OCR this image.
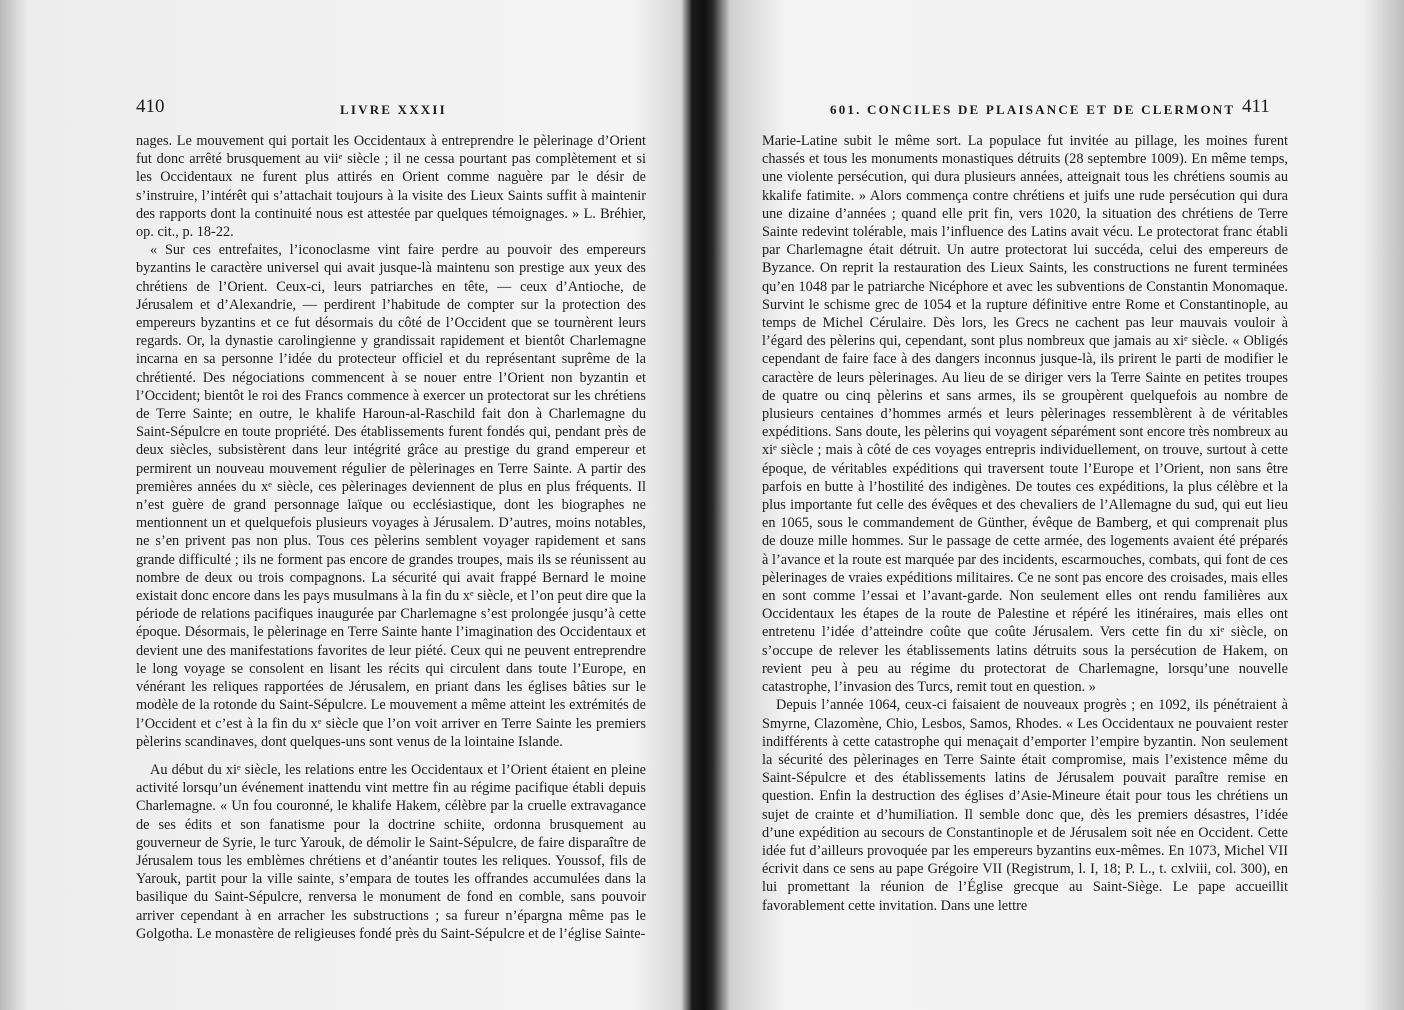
410	LIVRE XXXII

nages. Le mouvement qui portait les Occidentaux à entreprendre le pèlerinage d’Orient fut donc arrêté brusquement au viiᵉ siècle ; il ne cessa pourtant pas complètement et si les Occidentaux ne furent plus attirés en Orient comme naguère par le désir de s’instruire, l’intérêt qui s’attachait toujours à la visite des Lieux Saints suffit à maintenir des rapports dont la continuité nous est attestée par quelques témoignages. » L. Bréhier, op. cit., p. 18-22.

« Sur ces entrefaites, l’iconoclasme vint faire perdre au pouvoir des empereurs byzantins le caractère universel qui avait jusque-là maintenu son prestige aux yeux des chrétiens de l’Orient. Ceux-ci, leurs patriarches en tête, — ceux d’Antioche, de Jérusalem et d’Alexandrie, — perdirent l’habitude de compter sur la protection des empereurs byzantins et ce fut désormais du côté de l’Occident que se tournèrent leurs regards. Or, la dynastie carolingienne y grandissait rapidement et bientôt Charlemagne incarna en sa personne l’idée du protecteur officiel et du représentant suprême de la chrétienté. Des négociations commencent à se nouer entre l’Orient non byzantin et l’Occident; bientôt le roi des Francs commence à exercer un protectorat sur les chrétiens de Terre Sainte; en outre, le khalife Haroun-al-Raschild fait don à Charlemagne du Saint-Sépulcre en toute propriété. Des établissements furent fondés qui, pendant près de deux siècles, subsistèrent dans leur intégrité grâce au prestige du grand empereur et permirent un nouveau mouvement régulier de pèlerinages en Terre Sainte. A partir des premières années du xᵉ siècle, ces pèlerinages deviennent de plus en plus fréquents. Il n’est guère de grand personnage laïque ou ecclésiastique, dont les biographes ne mentionnent un et quelquefois plusieurs voyages à Jérusalem. D’autres, moins notables, ne s’en privent pas non plus. Tous ces pèlerins semblent voyager rapidement et sans grande difficulté ; ils ne forment pas encore de grandes troupes, mais ils se réunissent au nombre de deux ou trois compagnons. La sécurité qui avait frappé Bernard le moine existait donc encore dans les pays musulmans à la fin du xᵉ siècle, et l’on peut dire que la période de relations pacifiques inaugurée par Charlemagne s’est prolongée jusqu’à cette époque. Désormais, le pèlerinage en Terre Sainte hante l’imagination des Occidentaux et devient une des manifestations favorites de leur piété. Ceux qui ne peuvent entreprendre le long voyage se consolent en lisant les récits qui circulent dans toute l’Europe, en vénérant les reliques rapportées de Jérusalem, en priant dans les églises bâties sur le modèle de la rotonde du Saint-Sépulcre. Le mouvement a même atteint les extrémités de l’Occident et c’est à la fin du xᵉ siècle que l’on voit arriver en Terre Sainte les premiers pèlerins scandinaves, dont quelques-uns sont venus de la lointaine Islande.

Au début du xiᵉ siècle, les relations entre les Occidentaux et l’Orient étaient en pleine activité lorsqu’un événement inattendu vint mettre fin au régime pacifique établi depuis Charlemagne. « Un fou couronné, le khalife Hakem, célèbre par la cruelle extravagance de ses édits et son fanatisme pour la doctrine schiite, ordonna brusquement au gouverneur de Syrie, le turc Yarouk, de démolir le Saint-Sépulcre, de faire disparaître de Jérusalem tous les emblèmes chrétiens et d’anéantir toutes les reliques. Youssof, fils de Yarouk, partit pour la ville sainte, s’empara de toutes les offrandes accumulées dans la basilique du Saint-Sépulcre, renversa le monument de fond en comble, sans pouvoir arriver cependant à en arracher les substructions ; sa fureur n’épargna même pas le Golgotha. Le monastère de religieuses fondé près du Saint-Sépulcre et de l’église Sainte-

601. CONCILES DE PLAISANCE ET DE CLERMONT 411

Marie-Latine subit le même sort. La populace fut invitée au pillage, les moines furent chassés et tous les monuments monastiques détruits (28 septembre 1009). En même temps, une violente persécution, qui dura plusieurs années, atteignait tous les chrétiens soumis au kkalife fatimite. » Alors commença contre chrétiens et juifs une rude persécution qui dura une dizaine d’années ; quand elle prit fin, vers 1020, la situation des chrétiens de Terre Sainte redevint tolérable, mais l’influence des Latins avait vécu. Le protectorat franc établi par Charlemagne était détruit. Un autre protectorat lui succéda, celui des empereurs de Byzance. On reprit la restauration des Lieux Saints, les constructions ne furent terminées qu’en 1048 par le patriarche Nicéphore et avec les subventions de Constantin Monomaque. Survint le schisme grec de 1054 et la rupture définitive entre Rome et Constantinople, au temps de Michel Cérulaire. Dès lors, les Grecs ne cachent pas leur mauvais vouloir à l’égard des pèlerins qui, cependant, sont plus nombreux que jamais au xiᵉ siècle. « Obligés cependant de faire face à des dangers inconnus jusque-là, ils prirent le parti de modifier le caractère de leurs pèlerinages. Au lieu de se diriger vers la Terre Sainte en petites troupes de quatre ou cinq pèlerins et sans armes, ils se groupèrent quelquefois au nombre de plusieurs centaines d’hommes armés et leurs pèlerinages ressemblèrent à de véritables expéditions. Sans doute, les pèlerins qui voyagent séparément sont encore très nombreux au xiᵉ siècle ; mais à côté de ces voyages entrepris individuellement, on trouve, surtout à cette époque, de véritables expéditions qui traversent toute l’Europe et l’Orient, non sans être parfois en butte à l’hostilité des indigènes. De toutes ces expéditions, la plus célèbre et la plus importante fut celle des évêques et des chevaliers de l’Allemagne du sud, qui eut lieu en 1065, sous le commandement de Günther, évêque de Bamberg, et qui comprenait plus de douze mille hommes. Sur le passage de cette armée, des logements avaient été préparés à l’avance et la route est marquée par des incidents, escarmouches, combats, qui font de ces pèlerinages de vraies expéditions militaires. Ce ne sont pas encore des croisades, mais elles en sont comme l’essai et l’avant-garde. Non seulement elles ont rendu familières aux Occidentaux les étapes de la route de Palestine et répéré les itinéraires, mais elles ont entretenu l’idée d’atteindre coûte que coûte Jérusalem. Vers cette fin du xiᵉ siècle, on s’occupe de relever les établissements latins détruits sous la persécution de Hakem, on revient peu à peu au régime du protectorat de Charlemagne, lorsqu’une nouvelle catastrophe, l’invasion des Turcs, remit tout en question. »

Depuis l’année 1064, ceux-ci faisaient de nouveaux progrès ; en 1092, ils pénétraient à Smyrne, Clazomène, Chio, Lesbos, Samos, Rhodes. « Les Occidentaux ne pouvaient rester indifférents à cette catastrophe qui menaçait d’emporter l’empire byzantin. Non seulement la sécurité des pèlerinages en Terre Sainte était compromise, mais l’existence même du Saint-Sépulcre et des établissements latins de Jérusalem pouvait paraître remise en question. Enfin la destruction des églises d’Asie-Mineure était pour tous les chrétiens un sujet de crainte et d’humiliation. Il semble donc que, dès les premiers désastres, l’idée d’une expédition au secours de Constantinople et de Jérusalem soit née en Occident. Cette idée fut d’ailleurs provoquée par les empereurs byzantins eux-mêmes. En 1073, Michel VII écrivit dans ce sens au pape Grégoire VII (Registrum, l. I, 18; P. L., t. cxlviii, col. 300), en lui promettant la réunion de l’Église grecque au Saint-Siège. Le pape accueillit favorablement cette invitation. Dans une lettre
